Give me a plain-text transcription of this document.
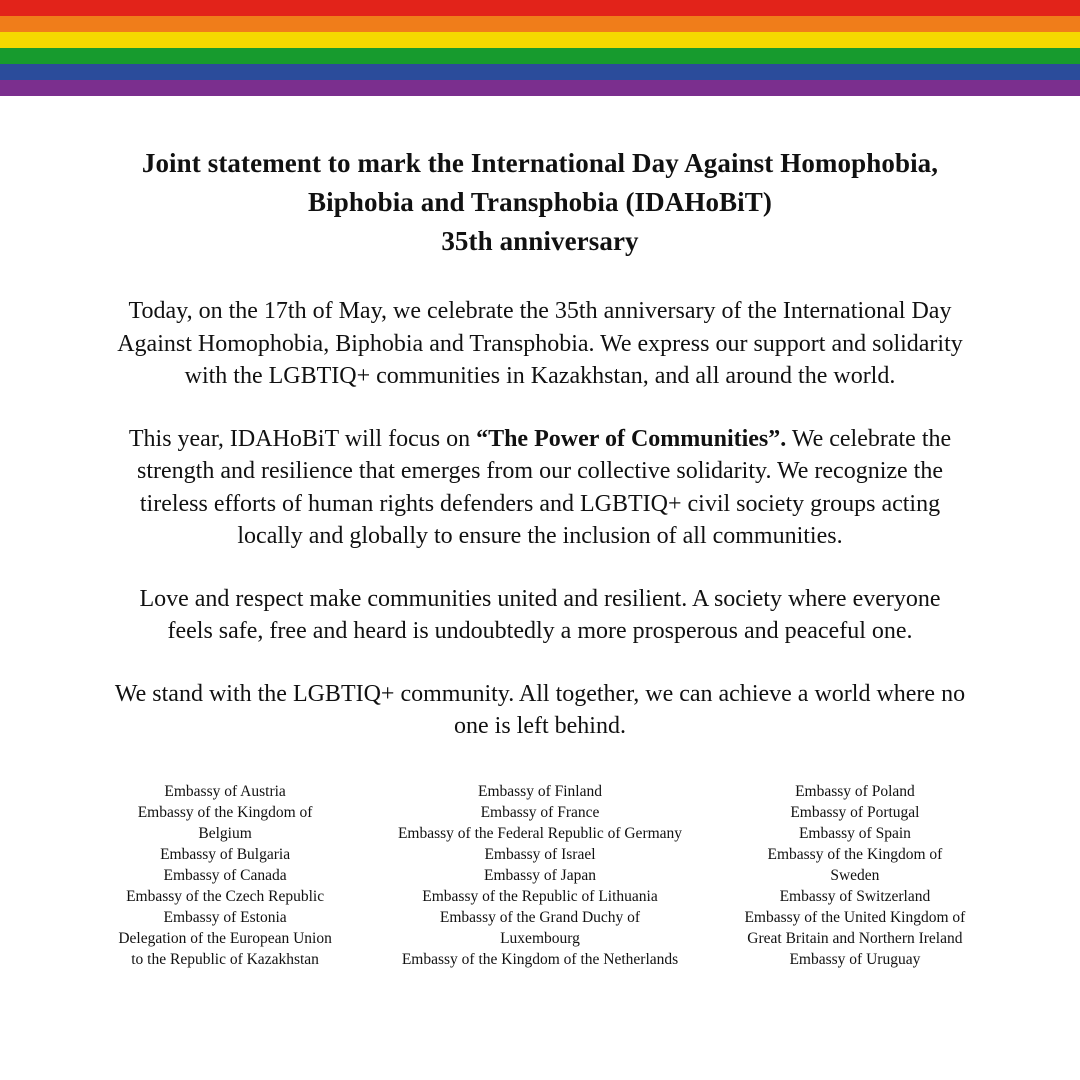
Joint statement to mark the International Day Against Homophobia,
Biphobia and Transphobia (IDAHoBiT)
35th anniversary

Today, on the 17th of May, we celebrate the 35th anniversary of the International Day Against Homophobia, Biphobia and Transphobia. We express our support and solidarity with the LGBTIQ+ communities in Kazakhstan, and all around the world.

This year, IDAHoBiT will focus on “The Power of Communities”. We celebrate the strength and resilience that emerges from our collective solidarity. We recognize the tireless efforts of human rights defenders and LGBTIQ+ civil society groups acting locally and globally to ensure the inclusion of all communities.

Love and respect make communities united and resilient. A society where everyone feels safe, free and heard is undoubtedly a more prosperous and peaceful one.

We stand with the LGBTIQ+ community. All together, we can achieve a world where no one is left behind.

Embassy of Austria
Embassy of the Kingdom of
Belgium
Embassy of Bulgaria
Embassy of Canada
Embassy of the Czech Republic
Embassy of Estonia
Delegation of the European Union
to the Republic of Kazakhstan
Embassy of Finland
Embassy of France
Embassy of the Federal Republic of Germany
Embassy of Israel
Embassy of Japan
Embassy of the Republic of Lithuania
Embassy of the Grand Duchy of
Luxembourg
Embassy of the Kingdom of the Netherlands
Embassy of Poland
Embassy of Portugal
Embassy of Spain
Embassy of the Kingdom of
Sweden
Embassy of Switzerland
Embassy of the United Kingdom of
Great Britain and Northern Ireland
Embassy of Uruguay
